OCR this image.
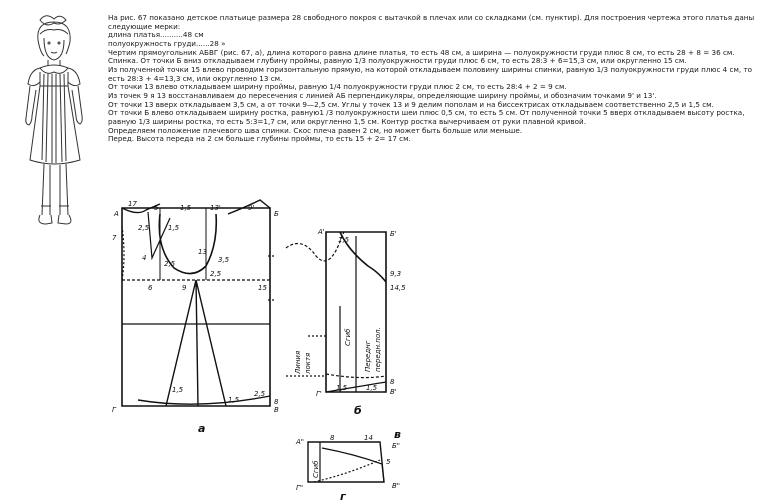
На рис. 67 показано детское платьице размера 28 свободного покроя с вытачкой в плечах или со складками (см. пунктир). Для построения чертежа этого платья даны следующие мерки:

длина платья..........48 см

полуокружность груди......28 »

Чертим прямоугольник АБВГ (рис. 67, а), длина которого равна длине платья, то есть 48 см, а ширина — полуокружности груди плюс 8 см, то есть 28 + 8 = 36 см.

Спинка. От точки Б вниз откладываем глубину проймы, равную 1/3 полуокружности груди плюс 6 см, то есть 28:3 + 6=15,3 см, или округленно 15 см.

Из полученной точки 15 влево проводим горизонтальную прямую, на которой откладываем половину ширины спинки, равную 1/3 полуокружности груди плюс 4 см, то есть 28:3 + 4=13,3 см, или округленно 13 см.

От точки 13 влево откладываем ширину проймы, равную 1/4 полуокружности груди плюс 2 см, то есть 28:4 + 2 = 9 см.

Из точек 9 я 13 восстанавливаем до пересечения с линией АБ перпендикуляры, определяющие ширину проймы, и обозначим точками 9' и 13'.

От точки 13 вверх откладываем 3,5 см, а от точки 9—2,5 см. Углы у точек 13 и 9 делим пополам и на биссектрисах откладываем соответственно 2,5 и 1,5 см.

От точки Б влево откладываем ширину ростка, равную1 /3 полуокружности шеи плюс 0,5 см, то есть 5 см. От полученной точки 5 вверх откладываем высоту ростка, равную 1/3 ширины ростка, то есть 5:3=1,7 см, или округленно 1,5 см. Контур ростка вычерчиваем от руки плавной кривой.

Определяем положение плечевого шва спинки. Скос плеча равен 2 см, но может быть больше или меньше.

Перед. Высота переда на 2 см больше глубины проймы, то есть 15 + 2= 17 см.

А	Б
Г	В
17 5	1,5	13'	9'
7
2,5	1,5
4
2,5
13
3,5
2,5
6	9	15
1,5
1,5	8
2,5
а
А'	Б'
1,5
9,3
14,5
Г'	В'
1,5	1,5
8
Сгиб
Линия локтя	Переднг передн.пол.
б
А"	8	14
Б"
5
Сгиб
в
Г"	В"
г
